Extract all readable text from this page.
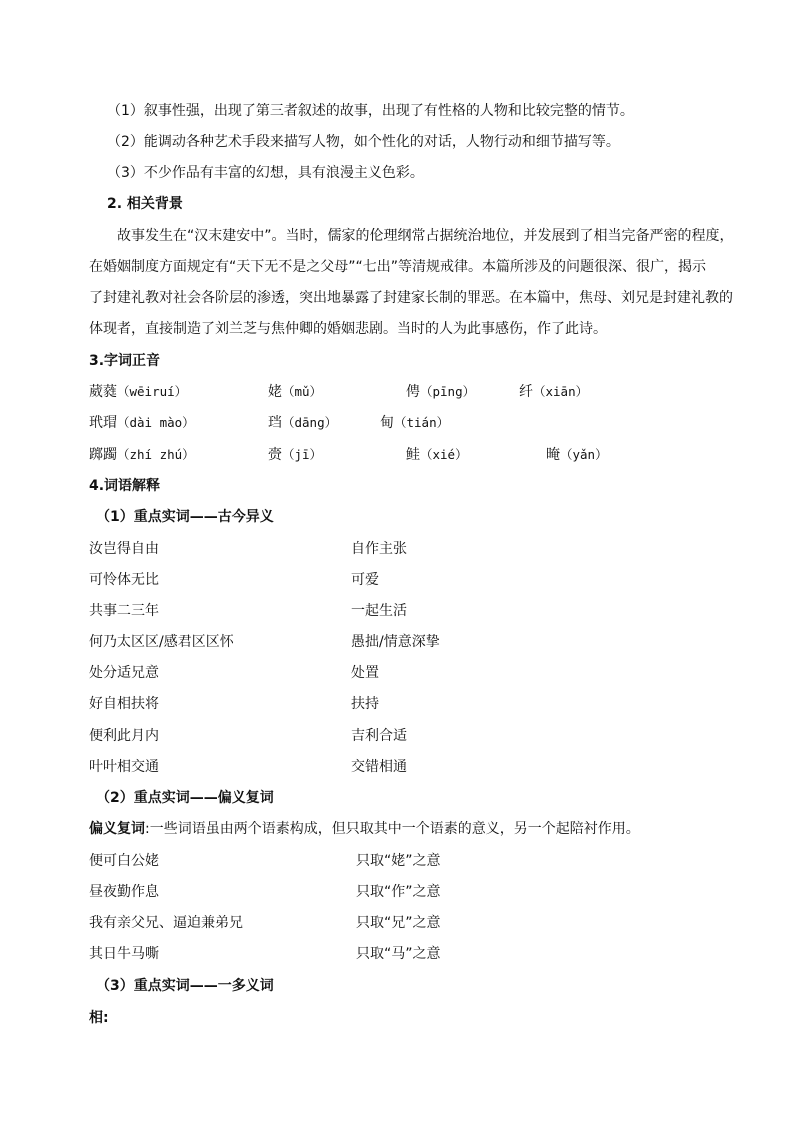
（1）叙事性强，出现了第三者叙述的故事，出现了有性格的人物和比较完整的情节。
（2）能调动各种艺术手段来描写人物，如个性化的对话，人物行动和细节描写等。
（3）不少作品有丰富的幻想，具有浪漫主义色彩。
2. 相关背景
故事发生在“汉末建安中”。当时，儒家的伦理纲常占据统治地位，并发展到了相当完备严密的程度，
在婚姻制度方面规定有“天下无不是之父母”“七出”等清规戒律。本篇所涉及的问题很深、很广，揭示
了封建礼教对社会各阶层的渗透，突出地暴露了封建家长制的罪恶。在本篇中，焦母、刘兄是封建礼教的
体现者，直接制造了刘兰芝与焦仲卿的婚姻悲剧。当时的人为此事感伤，作了此诗。
3.字词正音
葳蕤（wēiruí）	姥（mǔ）	俜（pīng）	纤（xiān）
玳瑁（dài mào）	珰（dāng）	甸（tián）
踯躅（zhí zhú）	赍（jī）	鲑（xié）	晻（yǎn）
4.词语解释
（1）重点实词——古今异义
汝岂得自由	自作主张
可怜体无比	可爱
共事二三年	一起生活
何乃太区区/感君区区怀	愚拙/情意深挚
处分适兄意	处置
好自相扶将	扶持
便利此月内	吉利合适
叶叶相交通	交错相通
（2）重点实词——偏义复词
偏义复词:一些词语虽由两个语素构成，但只取其中一个语素的意义，另一个起陪衬作用。
便可白公姥	只取“姥”之意
昼夜勤作息	只取“作”之意
我有亲父兄、逼迫兼弟兄	只取“兄”之意
其日牛马嘶	只取“马”之意
（3）重点实词——一多义词
相:
